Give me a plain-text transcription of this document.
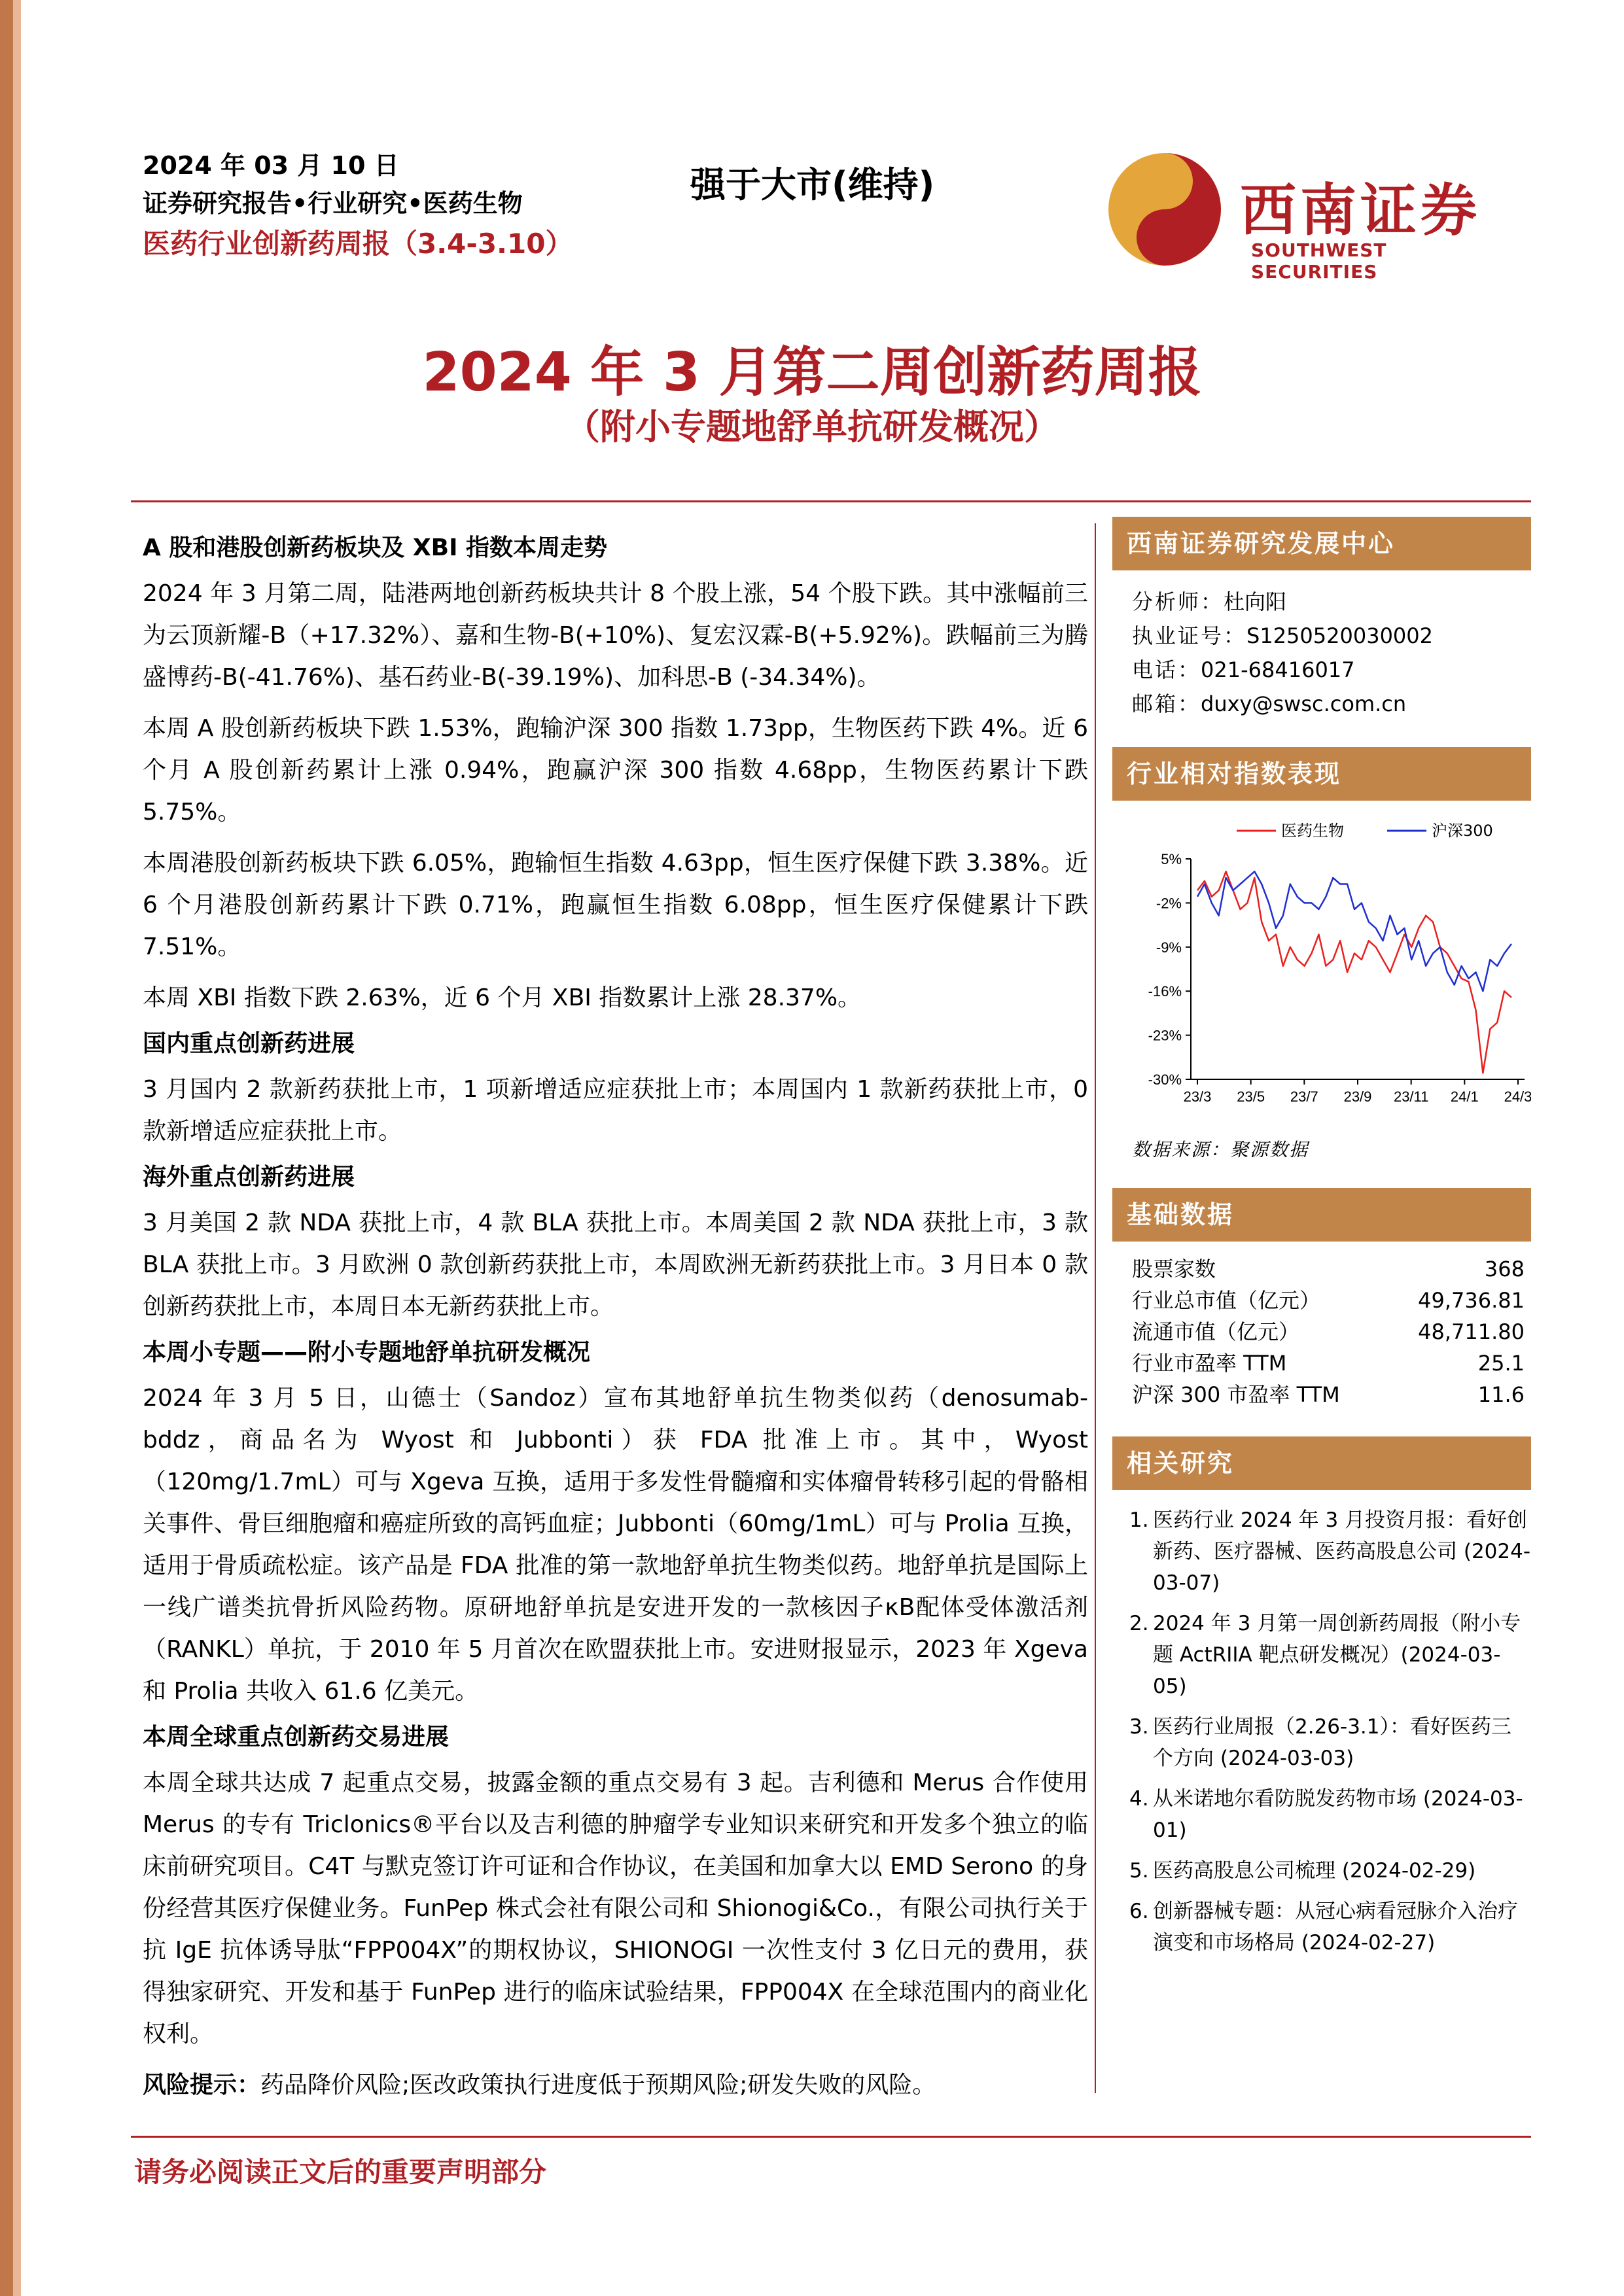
2024 年 03 月 10 日
证券研究报告•行业研究•医药生物
医药行业创新药周报（3.4-3.10）
强于大市(维持)	西南证券
SOUTHWEST SECURITIES
2024 年 3 月第二周创新药周报
（附小专题地舒单抗研发概况）
A 股和港股创新药板块及 XBI 指数本周走势

2024 年 3 月第二周，陆港两地创新药板块共计 8 个股上涨，54 个股下跌。其中涨幅前三为云顶新耀-B（+17.32%）、嘉和生物-B(+10%)、复宏汉霖-B(+5.92%)。跌幅前三为腾盛博药-B(-41.76%)、基石药业-B(-39.19%)、加科思-B (-34.34%)。

本周 A 股创新药板块下跌 1.53%，跑输沪深 300 指数 1.73pp，生物医药下跌 4%。近 6 个月 A 股创新药累计上涨 0.94%，跑赢沪深 300 指数 4.68pp，生物医药累计下跌 5.75%。

本周港股创新药板块下跌 6.05%，跑输恒生指数 4.63pp，恒生医疗保健下跌 3.38%。近 6 个月港股创新药累计下跌 0.71%，跑赢恒生指数 6.08pp，恒生医疗保健累计下跌 7.51%。

本周 XBI 指数下跌 2.63%，近 6 个月 XBI 指数累计上涨 28.37%。

国内重点创新药进展

3 月国内 2 款新药获批上市，1 项新增适应症获批上市；本周国内 1 款新药获批上市，0 款新增适应症获批上市。

海外重点创新药进展

3 月美国 2 款 NDA 获批上市，4 款 BLA 获批上市。本周美国 2 款 NDA 获批上市，3 款 BLA 获批上市。3 月欧洲 0 款创新药获批上市，本周欧洲无新药获批上市。3 月日本 0 款创新药获批上市，本周日本无新药获批上市。

本周小专题——附小专题地舒单抗研发概况

2024 年 3 月 5 日，山德士（Sandoz）宣布其地舒单抗生物类似药（denosumab-bddz，商品名为 Wyost 和 Jubbonti）获 FDA 批准上市。其中，Wyost（120mg/1.7mL）可与 Xgeva 互换，适用于多发性骨髓瘤和实体瘤骨转移引起的骨骼相关事件、骨巨细胞瘤和癌症所致的高钙血症；Jubbonti（60mg/1mL）可与 Prolia 互换，适用于骨质疏松症。该产品是 FDA 批准的第一款地舒单抗生物类似药。地舒单抗是国际上一线广谱类抗骨折风险药物。原研地舒单抗是安进开发的一款核因子κB配体受体激活剂（RANKL）单抗，于 2010 年 5 月首次在欧盟获批上市。安进财报显示，2023 年 Xgeva 和 Prolia 共收入 61.6 亿美元。

本周全球重点创新药交易进展

本周全球共达成 7 起重点交易，披露金额的重点交易有 3 起。吉利德和 Merus 合作使用 Merus 的专有 Triclonics®平台以及吉利德的肿瘤学专业知识来研究和开发多个独立的临床前研究项目。C4T 与默克签订许可证和合作协议，在美国和加拿大以 EMD Serono 的身份经营其医疗保健业务。FunPep 株式会社有限公司和 Shionogi&Co.，有限公司执行关于抗 IgE 抗体诱导肽“FPP004X”的期权协议，SHIONOGI 一次性支付 3 亿日元的费用，获得独家研究、开发和基于 FunPep 进行的临床试验结果，FPP004X 在全球范围内的商业化权利。

风险提示：药品降价风险;医改政策执行进度低于预期风险;研发失败的风险。

西南证券研究发展中心
分析师：杜向阳
执业证号：S1250520030002
电话：021-68416017
邮箱：duxy@swsc.com.cn
行业相对指数表现
5%
-2%
-9%
-16%
-23%
-30%
23/3 23/5 23/7 23/9 23/11 24/1 24/3
医药生物	沪深300
数据来源：聚源数据
基础数据
股票家数	368
行业总市值（亿元）	49,736.81
流通市值（亿元）	48,711.80
行业市盈率 TTM	25.1
沪深 300 市盈率 TTM	11.6
相关研究
1. 医药行业 2024 年 3 月投资月报：看好创新药、医疗器械、医药高股息公司 (2024-03-07)
2. 2024 年 3 月第一周创新药周报（附小专题 ActRIIA 靶点研发概况）(2024-03-05)
3. 医药行业周报（2.26-3.1）：看好医药三个方向 (2024-03-03)
4. 从米诺地尔看防脱发药物市场 (2024-03-01)
5. 医药高股息公司梳理 (2024-02-29)
6. 创新器械专题：从冠心病看冠脉介入治疗演变和市场格局 (2024-02-27)
请务必阅读正文后的重要声明部分
